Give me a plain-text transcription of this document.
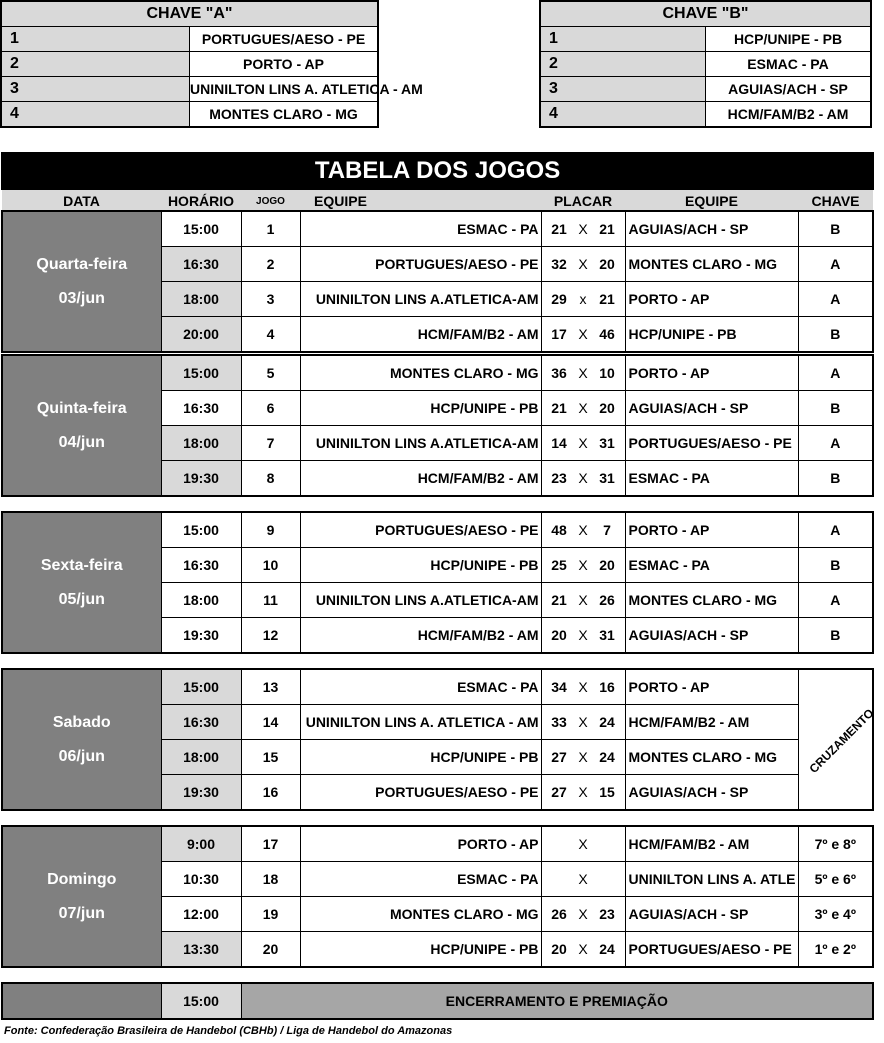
CHAVE "A"	
1	PORTUGUES/AESO - PE
2	PORTO - AP
3	UNINILTON LINS A. ATLETICA - AM
4	MONTES CLARO - MG
CHAVE "B"	
1	HCP/UNIPE - PB
2	ESMAC - PA
3	AGUIAS/ACH - SP
4	HCM/FAM/B2 - AM
TABELA DOS JOGOS
DATA	HORÁRIO	JOGO	EQUIPE	PLACAR	EQUIPE	CHAVE
Quarta-feira
03/jun	15:00	1	ESMAC - PA	21 X 21	AGUIAS/ACH - SP	B
	16:30	2	PORTUGUES/AESO - PE	32 X 20	MONTES CLARO - MG	A
	18:00	3	UNINILTON LINS A.ATLETICA-AM	29 x 21	PORTO - AP	A
	20:00	4	HCM/FAM/B2 - AM	17 X 46	HCP/UNIPE - PB	B
Quinta-feira
04/jun	15:00	5	MONTES CLARO - MG	36 X 10	PORTO - AP	A
	16:30	6	HCP/UNIPE - PB	21 X 20	AGUIAS/ACH - SP	B
	18:00	7	UNINILTON LINS A.ATLETICA-AM	14 X 31	PORTUGUES/AESO - PE	A
	19:30	8	HCM/FAM/B2 - AM	23 X 31	ESMAC - PA	B
Sexta-feira
05/jun	15:00	9	PORTUGUES/AESO - PE	48 X 7	PORTO - AP	A
	16:30	10	HCP/UNIPE - PB	25 X 20	ESMAC - PA	B
	18:00	11	UNINILTON LINS A.ATLETICA-AM	21 X 26	MONTES CLARO - MG	A
	19:30	12	HCM/FAM/B2 - AM	20 X 31	AGUIAS/ACH - SP	B
Sabado
06/jun	15:00	13	ESMAC - PA	34 X 16	PORTO - AP	CRUZAMENTO
	16:30	14	UNINILTON LINS A. ATLETICA - AM	33 X 24	HCM/FAM/B2 - AM	
	18:00	15	HCP/UNIPE - PB	27 X 24	MONTES CLARO - MG	
	19:30	16	PORTUGUES/AESO - PE	27 X 15	AGUIAS/ACH - SP	
Domingo
07/jun	9:00	17	PORTO - AP	X	HCM/FAM/B2 - AM	7º e 8º
	10:30	18	ESMAC - PA	X	UNINILTON LINS A. ATLE	5º e 6º
	12:00	19	MONTES CLARO - MG	26 X 23	AGUIAS/ACH - SP	3º e 4º
	13:30	20	HCP/UNIPE - PB	20 X 24	PORTUGUES/AESO - PE	1º e 2º
	15:00	ENCERRAMENTO E PREMIAÇÃO
Fonte: Confederação Brasileira de Handebol (CBHb) / Liga de Handebol do Amazonas
